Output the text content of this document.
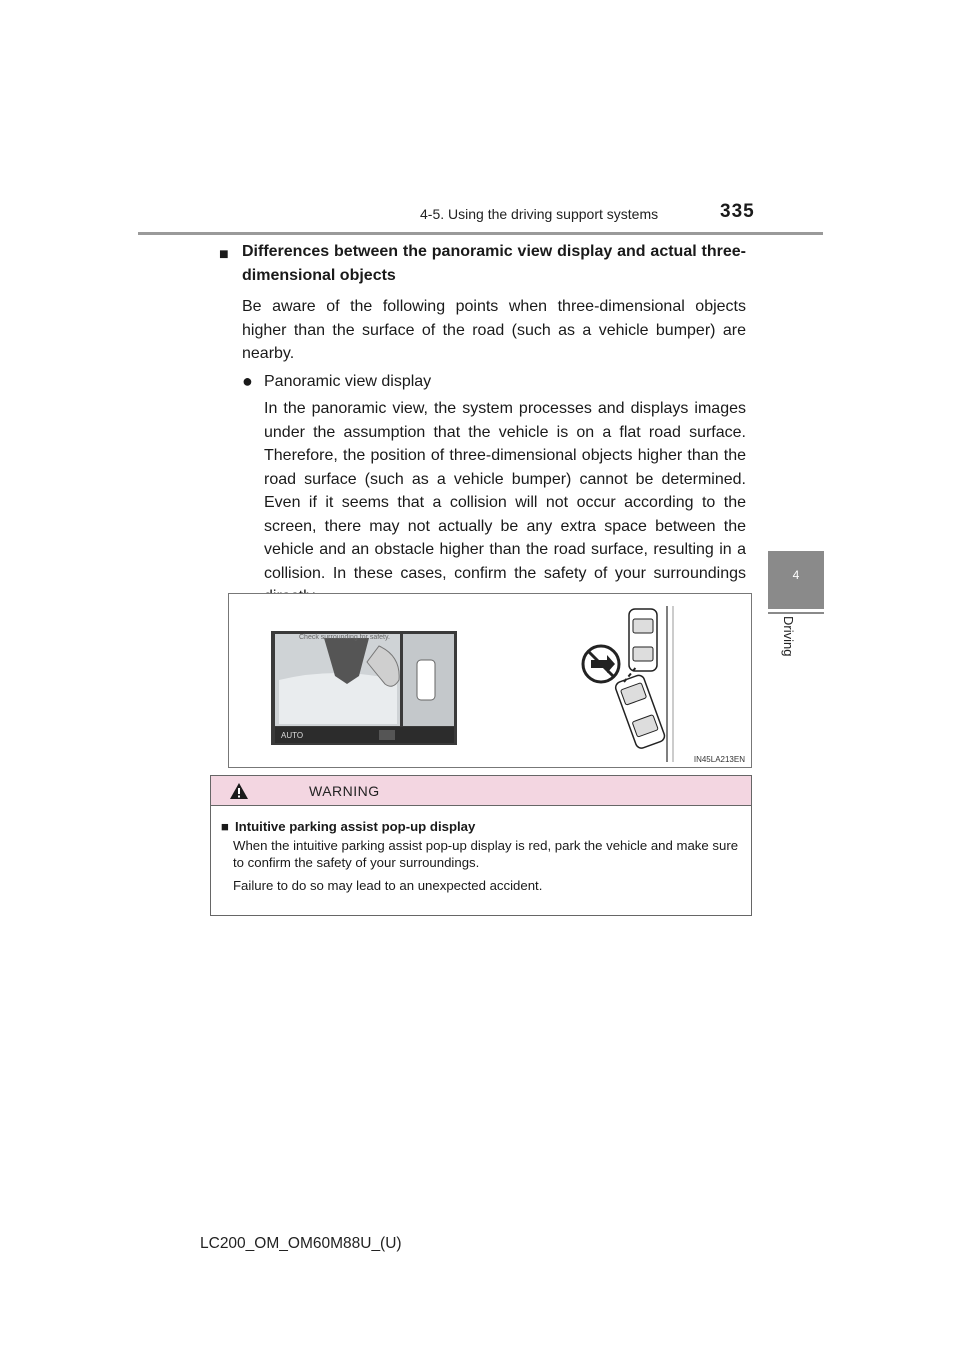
4-5. Using the driving support systems	335
4
Driving

■ Differences between the panoramic view display and actual three-dimensional objects

Be aware of the following points when three-dimensional objects higher than the surface of the road (such as a vehicle bumper) are nearby.

● Panoramic view display

In the panoramic view, the system processes and displays images under the assumption that the vehicle is on a flat road surface. Therefore, the position of three-dimensional objects higher than the road surface (such as a vehicle bumper) cannot be determined. Even if it seems that a collision will not occur according to the screen, there may not actually be any extra space between the vehicle and an obstacle higher than the road surface, resulting in a collision. In these cases, confirm the safety of your surroundings

Check surrounding for safety.
AUTO
IN45LA213EN
WARNING
■ Intuitive parking assist pop-up display
When the intuitive parking assist pop-up display is red, park the vehicle and make sure to confirm the safety of your surroundings.
Failure to do so may lead to an unexpected accident.
LC200_OM_OM60M88U_(U)
